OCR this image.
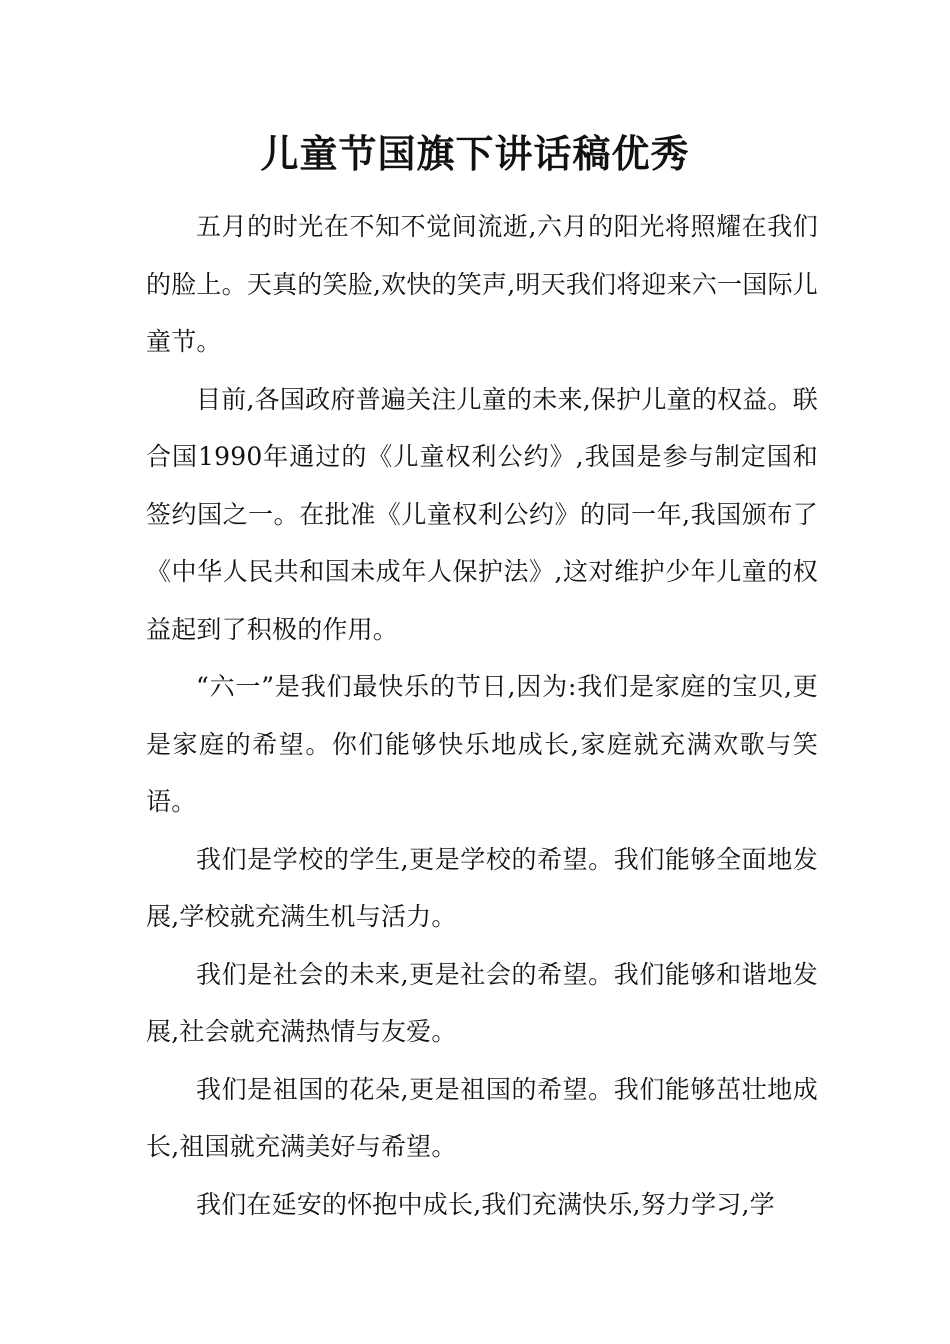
儿童节国旗下讲话稿优秀

五月的时光在不知不觉间流逝,六月的阳光将照耀在我们的脸上。天真的笑脸,欢快的笑声,明天我们将迎来六一国际儿童节。

目前,各国政府普遍关注儿童的未来,保护儿童的权益。联合国1990年通过的《儿童权利公约》,我国是参与制定国和签约国之一。在批准《儿童权利公约》的同一年,我国颁布了《中华人民共和国未成年人保护法》,这对维护少年儿童的权益起到了积极的作用。

“六一”是我们最快乐的节日,因为:我们是家庭的宝贝,更是家庭的希望。你们能够快乐地成长,家庭就充满欢歌与笑语。

我们是学校的学生,更是学校的希望。我们能够全面地发展,学校就充满生机与活力。

我们是社会的未来,更是社会的希望。我们能够和谐地发展,社会就充满热情与友爱。

我们是祖国的花朵,更是祖国的希望。我们能够茁壮地成长,祖国就充满美好与希望。

我们在延安的怀抱中成长,我们充满快乐,努力学习,学
